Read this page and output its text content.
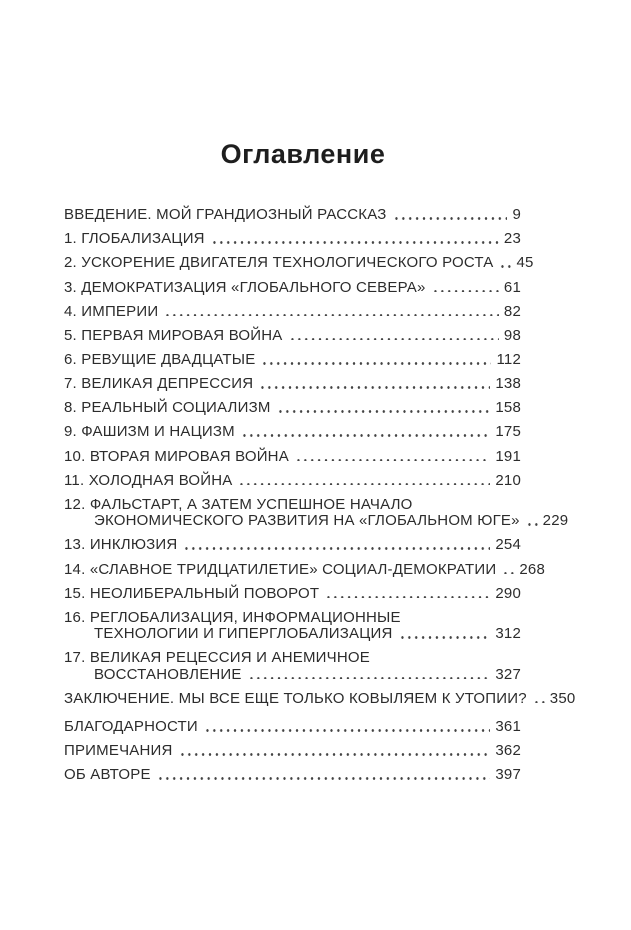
Оглавление
ВВЕДЕНИЕ. МОЙ ГРАНДИОЗНЫЙ РАССКАЗ	9
1. ГЛОБАЛИЗАЦИЯ	23
2. УСКОРЕНИЕ ДВИГАТЕЛЯ ТЕХНОЛОГИЧЕСКОГО РОСТА 45
3. ДЕМОКРАТИЗАЦИЯ «ГЛОБАЛЬНОГО СЕВЕРА»	61
4. ИМПЕРИИ	82
5. ПЕРВАЯ МИРОВАЯ ВОЙНА	98
6. РЕВУЩИЕ ДВАДЦАТЫЕ	112
7. ВЕЛИКАЯ ДЕПРЕССИЯ	138
8. РЕАЛЬНЫЙ СОЦИАЛИЗМ	158
9. ФАШИЗМ И НАЦИЗМ	175
10. ВТОРАЯ МИРОВАЯ ВОЙНА	191
11. ХОЛОДНАЯ ВОЙНА	210
12. ФАЛЬСТАРТ, А ЗАТЕМ УСПЕШНОЕ НАЧАЛО
ЭКОНОМИЧЕСКОГО РАЗВИТИЯ НА «ГЛОБАЛЬНОМ ЮГЕ» 229
13. ИНКЛЮЗИЯ	254
14. «СЛАВНОЕ ТРИДЦАТИЛЕТИЕ» СОЦИАЛ-ДЕМОКРАТИИ 268
15. НЕОЛИБЕРАЛЬНЫЙ ПОВОРОТ	290
16. РЕГЛОБАЛИЗАЦИЯ, ИНФОРМАЦИОННЫЕ
ТЕХНОЛОГИИ И ГИПЕРГЛОБАЛИЗАЦИЯ	312
17. ВЕЛИКАЯ РЕЦЕССИЯ И АНЕМИЧНОЕ
ВОССТАНОВЛЕНИЕ	327
ЗАКЛЮЧЕНИЕ. МЫ ВСЕ ЕЩЕ ТОЛЬКО КОВЫЛЯЕМ К УТОПИИ? 350
БЛАГОДАРНОСТИ	361
ПРИМЕЧАНИЯ	362
ОБ АВТОРЕ	397
